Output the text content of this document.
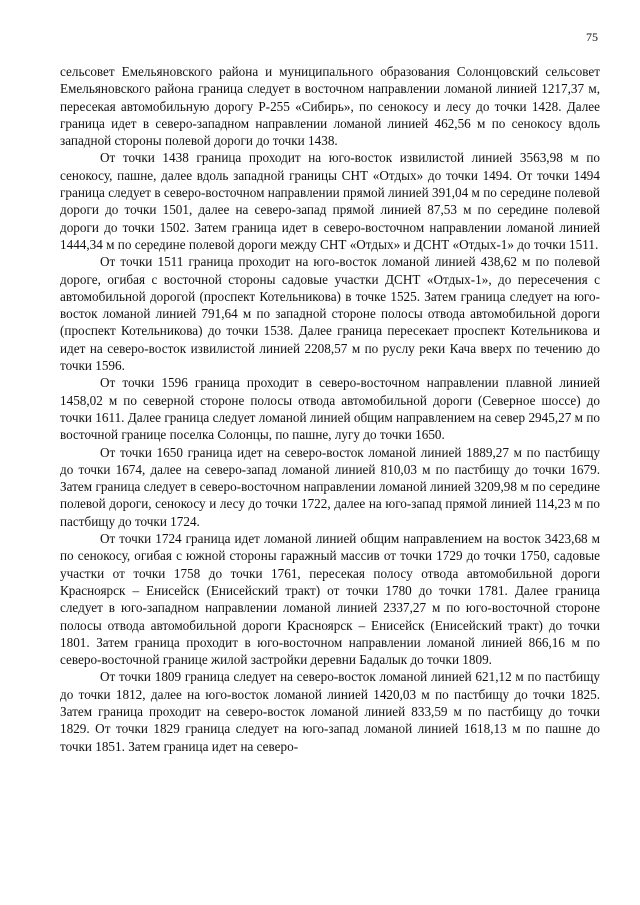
75

сельсовет Емельяновского района и муниципального образования Солонцовский сельсовет Емельяновского района граница следует в восточном направлении ломаной линией 1217,37 м, пересекая автомобильную дорогу Р-255 «Сибирь», по сенокосу и лесу до точки 1428. Далее граница идет в северо-западном направлении ломаной линией 462,56 м по сенокосу вдоль западной стороны полевой дороги до точки 1438.

От точки 1438 граница проходит на юго-восток извилистой линией 3563,98 м по сенокосу, пашне, далее вдоль западной границы СНТ «Отдых» до точки 1494. От точки 1494 граница следует в северо-восточном направлении прямой линией 391,04 м по середине полевой дороги до точки 1501, далее на северо-запад прямой линией 87,53 м по середине полевой дороги до точки 1502. Затем граница идет в северо-восточном направлении ломаной линией 1444,34 м по середине полевой дороги между СНТ «Отдых» и ДСНТ «Отдых-1» до точки 1511.

От точки 1511 граница проходит на юго-восток ломаной линией 438,62 м по полевой дороге, огибая с восточной стороны садовые участки ДСНТ «Отдых-1», до пересечения с автомобильной дорогой (проспект Котельникова) в точке 1525. Затем граница следует на юго-восток ломаной линией 791,64 м по западной стороне полосы отвода автомобильной дороги (проспект Котельникова) до точки 1538. Далее граница пересекает проспект Котельникова и идет на северо-восток извилистой линией 2208,57 м по руслу реки Кача вверх по течению до точки 1596.

От точки 1596 граница проходит в северо-восточном направлении плавной линией 1458,02 м по северной стороне полосы отвода автомобильной дороги (Северное шоссе) до точки 1611. Далее граница следует ломаной линией общим направлением на север 2945,27 м по восточной границе поселка Солонцы, по пашне, лугу до точки 1650.

От точки 1650 граница идет на северо-восток ломаной линией 1889,27 м по пастбищу до точки 1674, далее на северо-запад ломаной линией 810,03 м по пастбищу до точки 1679. Затем граница следует в северо-восточном направлении ломаной линией 3209,98 м по середине полевой дороги, сенокосу и лесу до точки 1722, далее на юго-запад прямой линией 114,23 м по пастбищу до точки 1724.

От точки 1724 граница идет ломаной линией общим направлением на восток 3423,68 м по сенокосу, огибая с южной стороны гаражный массив от точки 1729 до точки 1750, садовые участки от точки 1758 до точки 1761, пересекая полосу отвода автомобильной дороги Красноярск – Енисейск (Енисейский тракт) от точки 1780 до точки 1781. Далее граница следует в юго-западном направлении ломаной линией 2337,27 м по юго-восточной стороне полосы отвода автомобильной дороги Красноярск – Енисейск (Енисейский тракт) до точки 1801. Затем граница проходит в юго-восточном направлении ломаной линией 866,16 м по северо-восточной границе жилой застройки деревни Бадалык до точки 1809.

От точки 1809 граница следует на северо-восток ломаной линией 621,12 м по пастбищу до точки 1812, далее на юго-восток ломаной линией 1420,03 м по пастбищу до точки 1825. Затем граница проходит на северо-восток ломаной линией 833,59 м по пастбищу до точки 1829. От точки 1829 граница следует на юго-запад ломаной линией 1618,13 м по пашне до точки 1851. Затем граница идет на северо-
